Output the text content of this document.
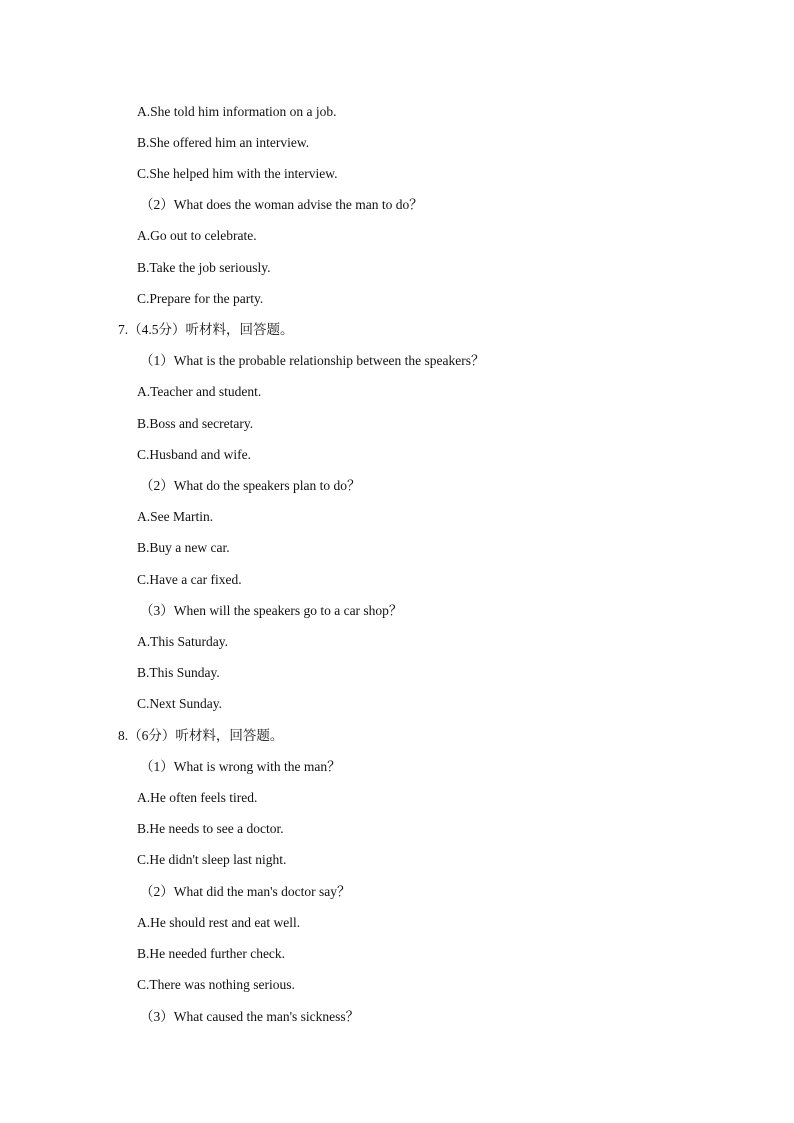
A.She told him information on a job.
B.She offered him an interview.
C.She helped him with the interview.
（2）What does the woman advise the man to do？
A.Go out to celebrate.
B.Take the job seriously.
C.Prepare for the party.
7.（4.5分）听材料，回答题。
（1）What is the probable relationship between the speakers？
A.Teacher and student.
B.Boss and secretary.
C.Husband and wife.
（2）What do the speakers plan to do？
A.See Martin.
B.Buy a new car.
C.Have a car fixed.
（3）When will the speakers go to a car shop？
A.This Saturday.
B.This Sunday.
C.Next Sunday.
8.（6分）听材料，回答题。
（1）What is wrong with the man？
A.He often feels tired.
B.He needs to see a doctor.
C.He didn't sleep last night.
（2）What did the man's doctor say？
A.He should rest and eat well.
B.He needed further check.
C.There was nothing serious.
（3）What caused the man's sickness？
